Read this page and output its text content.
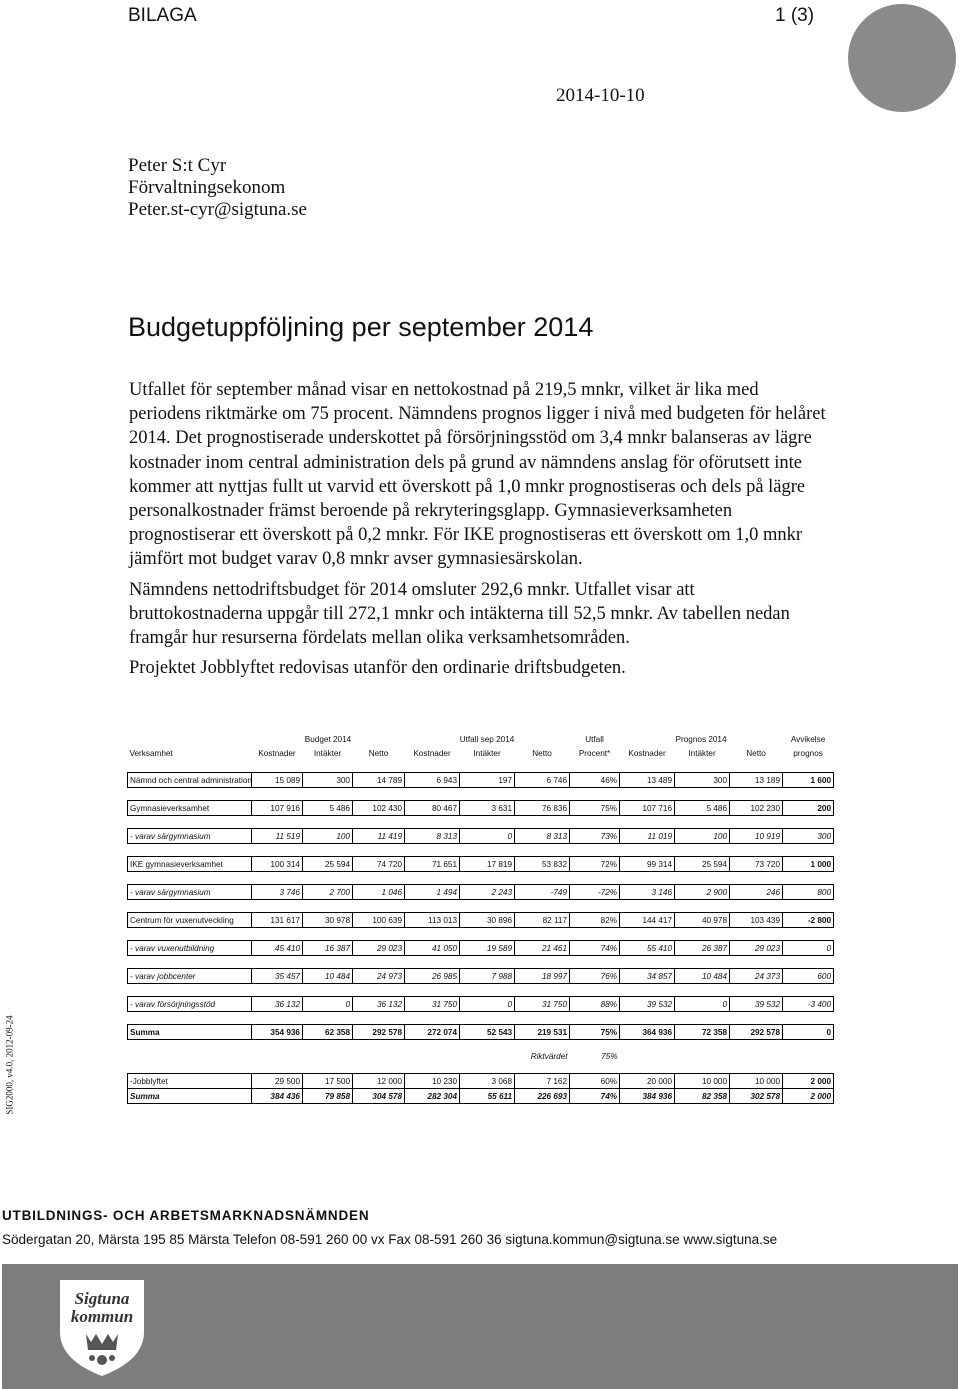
BILAGA	1 (3)
2014-10-10
Peter S:t Cyr
Förvaltningsekonom
Peter.st-cyr@sigtuna.se
Budgetuppföljning per september 2014

Utfallet för september månad visar en nettokostnad på 219,5 mnkr, vilket är lika med periodens riktmärke om 75 procent. Nämndens prognos ligger i nivå med budgeten för helåret 2014. Det prognostiserade underskottet på försörjningsstöd om 3,4 mnkr balanseras av lägre kostnader inom central administration dels på grund av nämndens anslag för oförutsett inte kommer att nyttjas fullt ut varvid ett överskott på 1,0 mnkr prognostiseras och dels på lägre personalkostnader främst beroende på rekryteringsglapp. Gymnasieverksamheten prognostiserar ett överskott på 0,2 mnkr. För IKE prognostiseras ett överskott om 1,0 mnkr jämfört mot budget varav 0,8 mnkr avser gymnasiesärskolan.

Nämndens nettodriftsbudget för 2014 omsluter 292,6 mnkr. Utfallet visar att bruttokostnaderna uppgår till 272,1 mnkr och intäkterna till 52,5 mnkr. Av tabellen nedan framgår hur resurserna fördelats mellan olika verksamhetsområden.

Projektet Jobblyftet redovisas utanför den ordinarie driftsbudgeten.

	Budget 2014			Utfall sep 2014			Utfall	Prognos 2014			Avvikelse
Verksamhet	Kostnader	Intäkter	Netto	Kostnader	Intäkter	Netto	Procent*	Kostnader	Intäkter	Netto	prognos

Nämnd och central administration	15 089	300	14 789	6 943	197	6 746	46%	13 489	300	13 189	1 600

Gymnasieverksamhet	107 916	5 486	102 430	80 467	3 631	76 836	75%	107 716	5 486	102 230	200

- varav särgymnasium	11 519	100	11 419	8 313	0	8 313	73%	11 019	100	10 919	300

IKE gymnasieverksamhet	100 314	25 594	74 720	71 651	17 819	53 832	72%	99 314	25 594	73 720	1 000

- varav särgymnasium	3 746	2 700	1 046	1 494	2 243	-749	-72%	3 146	2 900	246	800

Centrum för vuxenutveckling	131 617	30 978	100 639	113 013	30 896	82 117	82%	144 417	40 978	103 439	-2 800

- varav vuxenutbildning	45 410	16 387	29 023	41 050	19 589	21 461	74%	55 410	26 387	29 023	0

- varav jobbcenter	35 457	10 484	24 973	26 985	7 988	18 997	76%	34 857	10 484	24 373	600

- varav försörjningsstöd	36 132	0	36 132	31 750	0	31 750	88%	39 532	0	39 532	-3 400

Summa	354 936	62 358	292 578	272 074	52 543	219 531	75%	364 936	72 358	292 578	0

						Riktvärdet	75%				

-Jobblyftet	29 500	17 500	12 000	10 230	3 068	7 162	60%	20 000	10 000	10 000	2 000
Summa	384 436	79 858	304 578	282 304	55 611	226 693	74%	384 936	82 358	302 578	2 000
SIG2000, v4.0, 2012-09-24
UTBILDNINGS- OCH ARBETSMARKNADSNÄMNDEN
Södergatan 20, Märsta 195 85 Märsta Telefon 08-591 260 00 vx Fax 08-591 260 36 sigtuna.kommun@sigtuna.se www.sigtuna.se
Sigtuna
kommun
